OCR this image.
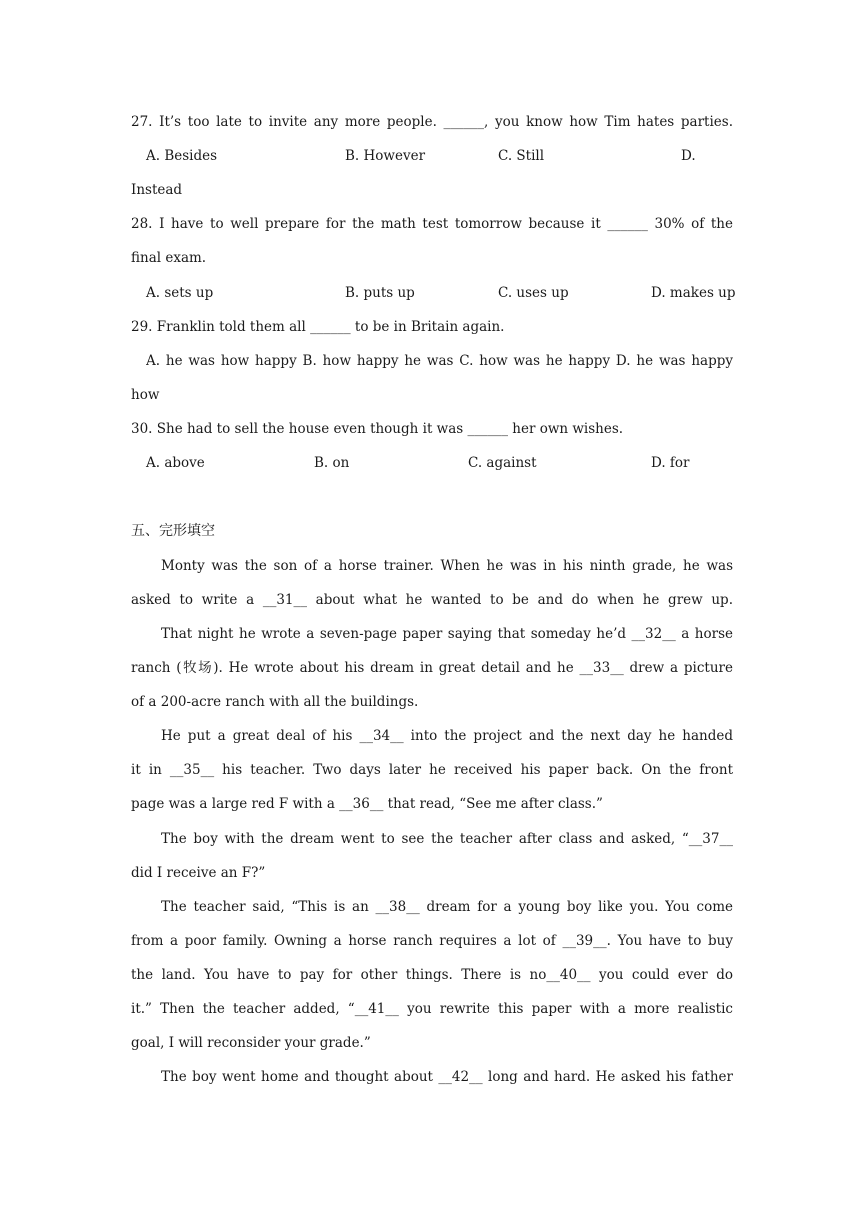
27. It’s too late to invite any more people. ______, you know how Tim hates parties.
A. Besides	B. However	C. Still	D.
Instead
28. I have to well prepare for the math test tomorrow because it ______ 30% of the
final exam.
A. sets up	B. puts up	C. uses up	D. makes up
29. Franklin told them all ______ to be in Britain again.
A. he was how happy B. how happy he was C. how was he happy D. he was happy
how
30. She had to sell the house even though it was ______ her own wishes.
A. above	B. on	C. against	D. for
五、完形填空
Monty was the son of a horse trainer. When he was in his ninth grade, he was
asked to write a __31__ about what he wanted to be and do when he grew up.
That night he wrote a seven-page paper saying that someday he’d __32__ a horse
ranch (牧场). He wrote about his dream in great detail and he __33__ drew a picture
of a 200-acre ranch with all the buildings.
He put a great deal of his __34__ into the project and the next day he handed
it in __35__ his teacher. Two days later he received his paper back. On the front
page was a large red F with a __36__ that read, “See me after class.”
The boy with the dream went to see the teacher after class and asked, “__37__
did I receive an F?”
The teacher said, “This is an __38__ dream for a young boy like you. You come
from a poor family. Owning a horse ranch requires a lot of __39__. You have to buy
the land. You have to pay for other things. There is no__40__ you could ever do
it.” Then the teacher added, “__41__ you rewrite this paper with a more realistic
goal, I will reconsider your grade.”
The boy went home and thought about __42__ long and hard. He asked his father
